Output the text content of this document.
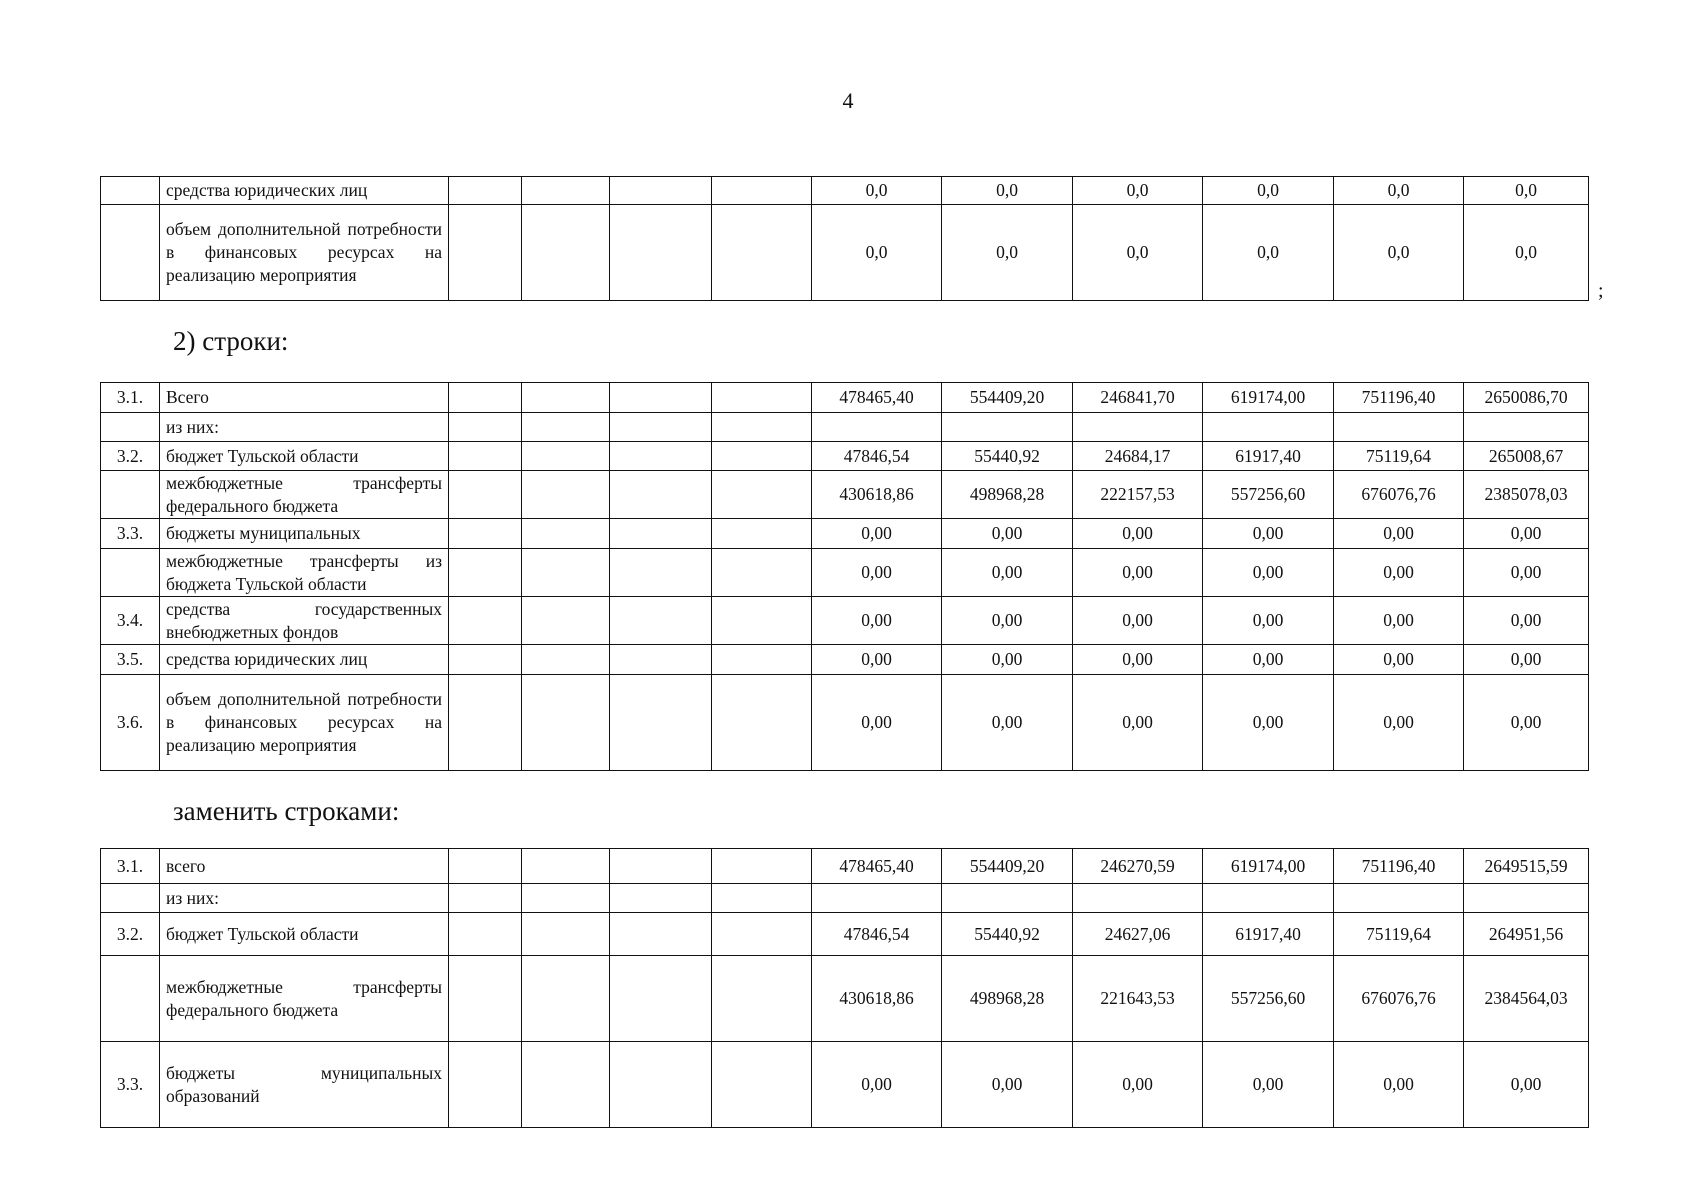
4
	средства юридических лиц					0,0	0,0	0,0	0,0	0,0	0,0
	объем дополнительной потребности в финансовых ресурсах на реализацию мероприятия					0,0	0,0	0,0	0,0	0,0	0,0
;
2) строки:
3.1.	Всего					478465,40	554409,20	246841,70	619174,00	751196,40	2650086,70
	из них:										
3.2.	бюджет Тульской области					47846,54	55440,92	24684,17	61917,40	75119,64	265008,67
	межбюджетные трансферты федерального бюджета					430618,86	498968,28	222157,53	557256,60	676076,76	2385078,03
3.3.	бюджеты муниципальных					0,00	0,00	0,00	0,00	0,00	0,00
	межбюджетные трансферты из бюджета Тульской области					0,00	0,00	0,00	0,00	0,00	0,00
3.4.	средства государственных внебюджетных фондов					0,00	0,00	0,00	0,00	0,00	0,00
3.5.	средства юридических лиц					0,00	0,00	0,00	0,00	0,00	0,00
3.6.	объем дополнительной потребности в финансовых ресурсах на реализацию мероприятия					0,00	0,00	0,00	0,00	0,00	0,00
заменить строками:
3.1.	всего					478465,40	554409,20	246270,59	619174,00	751196,40	2649515,59
	из них:										
3.2.	бюджет Тульской области					47846,54	55440,92	24627,06	61917,40	75119,64	264951,56
	межбюджетные трансферты федерального бюджета					430618,86	498968,28	221643,53	557256,60	676076,76	2384564,03
3.3.	бюджеты муниципальных образований					0,00	0,00	0,00	0,00	0,00	0,00
